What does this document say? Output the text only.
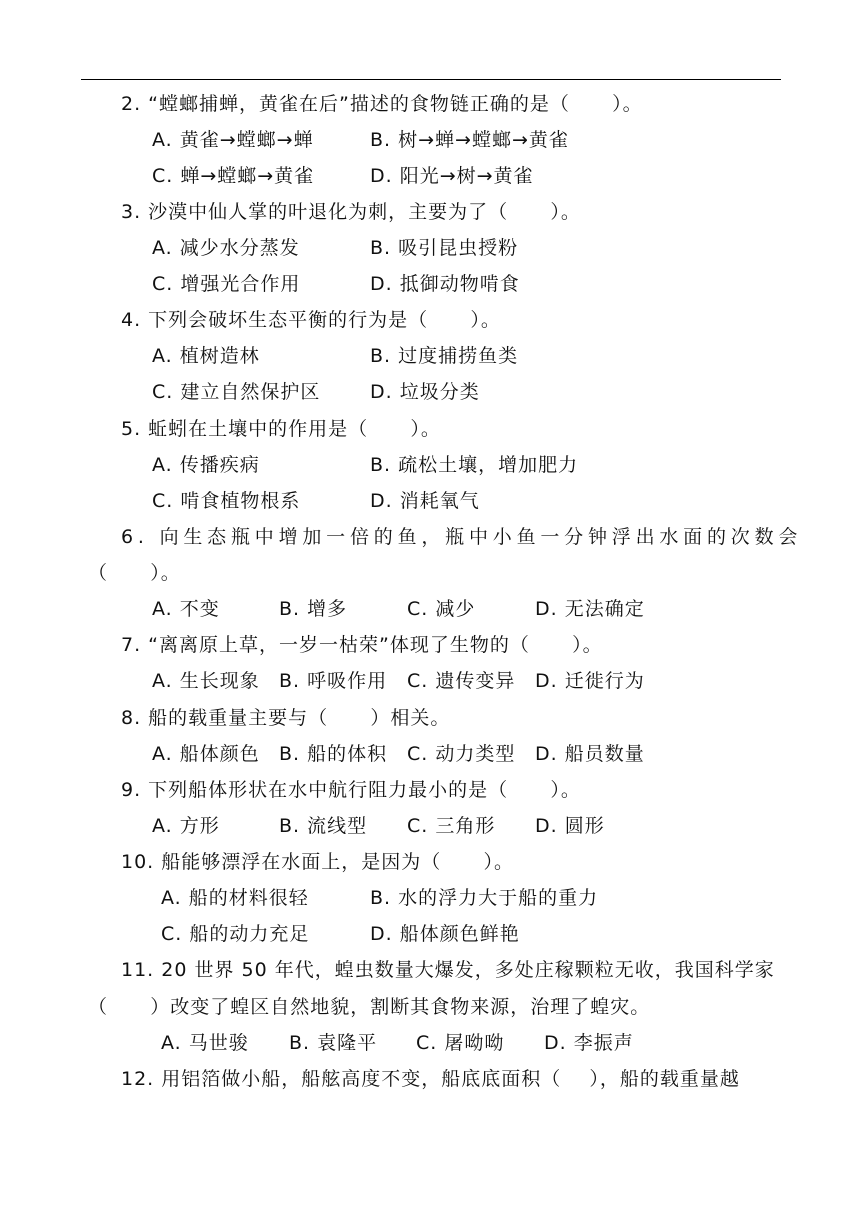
2. “螳螂捕蝉，黄雀在后”描述的食物链正确的是（      ）。
A. 黄雀→螳螂→蝉	B. 树→蝉→螳螂→黄雀
C. 蝉→螳螂→黄雀	D. 阳光→树→黄雀
3. 沙漠中仙人掌的叶退化为刺，主要为了（      ）。
A. 减少水分蒸发	B. 吸引昆虫授粉
C. 增强光合作用	D. 抵御动物啃食
4. 下列会破坏生态平衡的行为是（      ）。
A. 植树造林	B. 过度捕捞鱼类
C. 建立自然保护区	D. 垃圾分类
5. 蚯蚓在土壤中的作用是（      ）。
A. 传播疾病	B. 疏松土壤，增加肥力
C. 啃食植物根系	D. 消耗氧气
6. 向生态瓶中增加一倍的鱼，瓶中小鱼一分钟浮出水面的次数会
（      ）。
A. 不变	B. 增多	C. 减少	D. 无法确定
7. “离离原上草，一岁一枯荣”体现了生物的（      ）。
A. 生长现象 B. 呼吸作用 C. 遗传变异 D. 迁徙行为
8. 船的载重量主要与（      ）相关。
A. 船体颜色 B. 船的体积 C. 动力类型 D. 船员数量
9. 下列船体形状在水中航行阻力最小的是（      ）。
A. 方形	B. 流线型 C. 三角形 D. 圆形
10. 船能够漂浮在水面上，是因为（      ）。
A. 船的材料很轻	B. 水的浮力大于船的重力
C. 船的动力充足	D. 船体颜色鲜艳
11. 20 世界 50 年代，蝗虫数量大爆发，多处庄稼颗粒无收，我国科学家
（      ）改变了蝗区自然地貌，割断其食物来源，治理了蝗灾。
A. 马世骏 B. 袁隆平 C. 屠呦呦 D. 李振声
12. 用铝箔做小船，船舷高度不变，船底底面积（    ），船的载重量越
